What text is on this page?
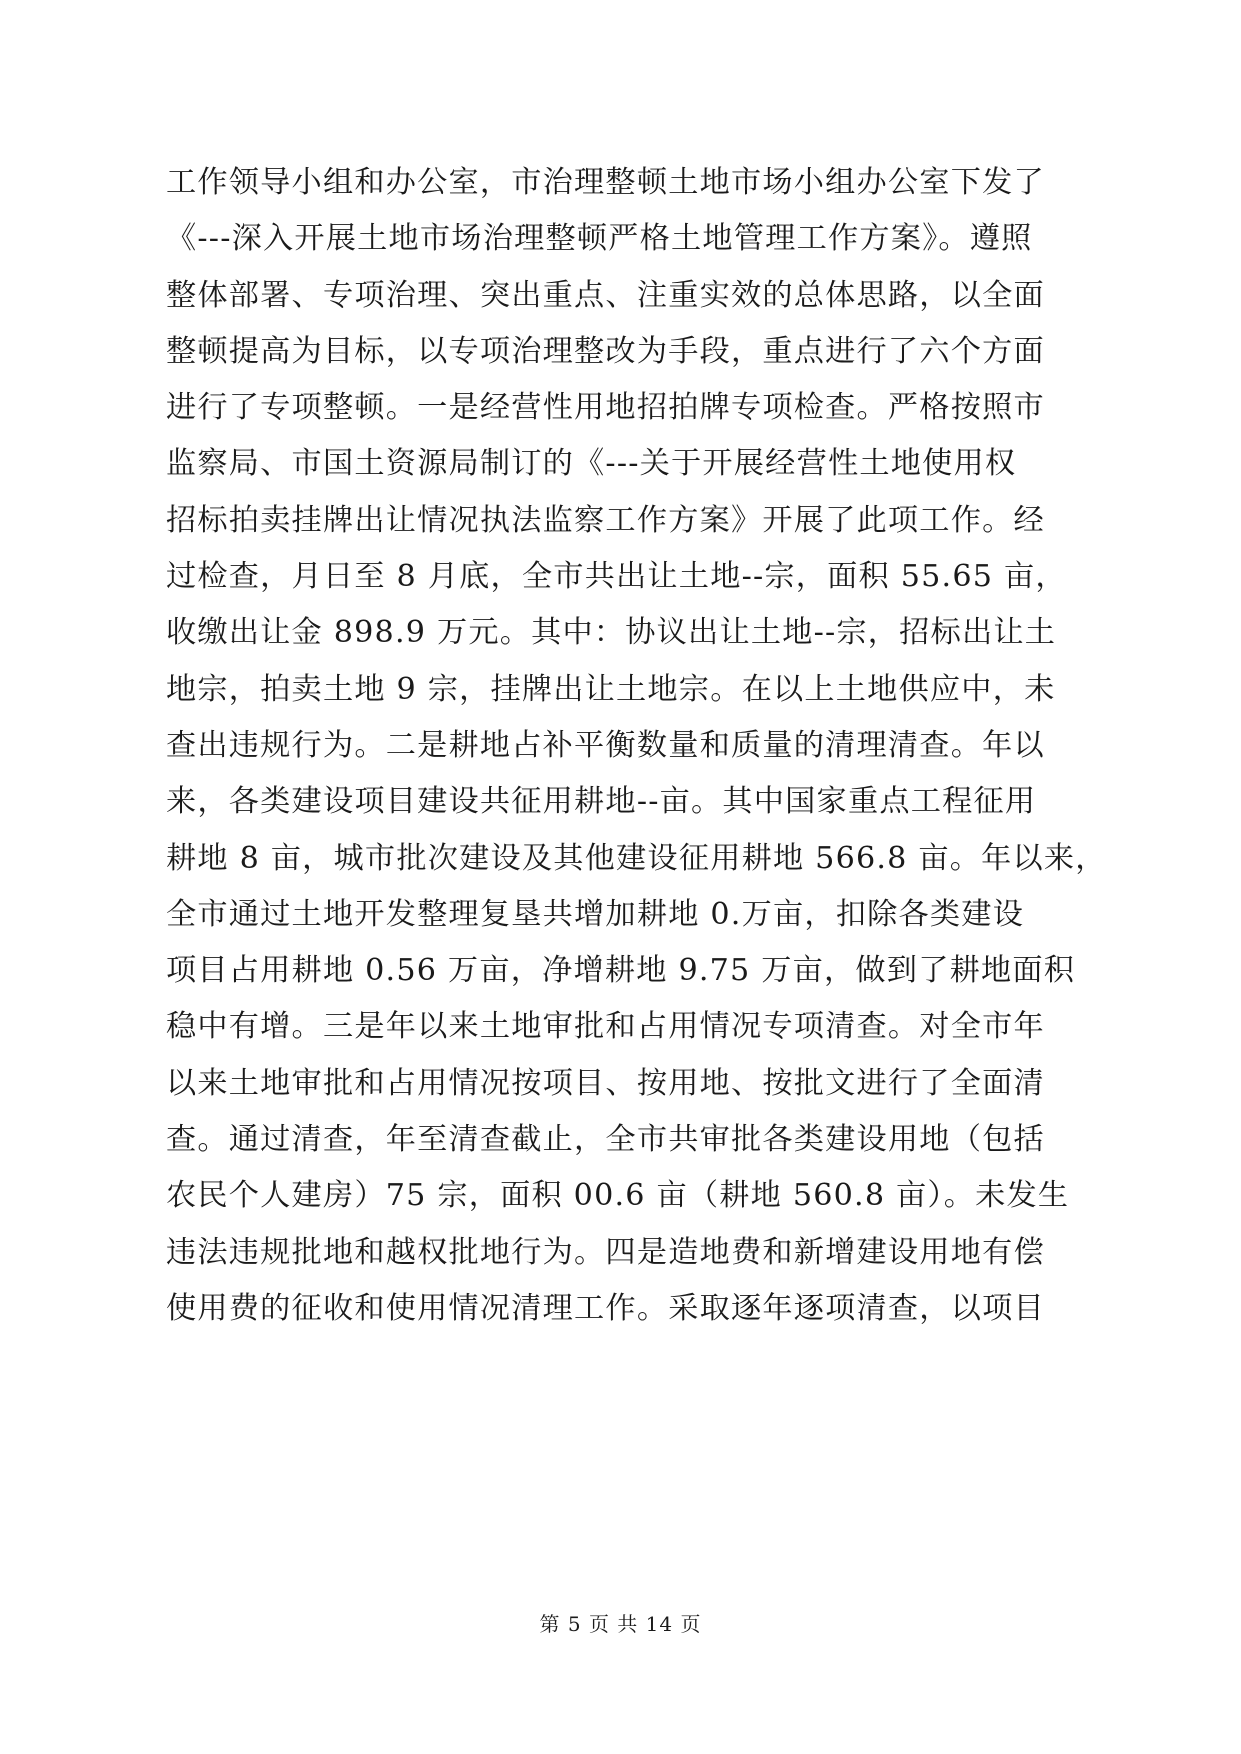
工作领导小组和办公室，市治理整顿土地市场小组办公室下发了
《---深入开展土地市场治理整顿严格土地管理工作方案》。遵照
整体部署、专项治理、突出重点、注重实效的总体思路，以全面
整顿提高为目标，以专项治理整改为手段，重点进行了六个方面
进行了专项整顿。一是经营性用地招拍牌专项检查。严格按照市
监察局、市国土资源局制订的《---关于开展经营性土地使用权
招标拍卖挂牌出让情况执法监察工作方案》开展了此项工作。经
过检查，月日至 8 月底，全市共出让土地--宗，面积 55.65 亩，
收缴出让金 898.9 万元。其中：协议出让土地--宗，招标出让土
地宗，拍卖土地 9 宗，挂牌出让土地宗。在以上土地供应中，未
查出违规行为。二是耕地占补平衡数量和质量的清理清查。年以
来，各类建设项目建设共征用耕地--亩。其中国家重点工程征用
耕地 8 亩，城市批次建设及其他建设征用耕地 566.8 亩。年以来，
全市通过土地开发整理复垦共增加耕地 0.万亩，扣除各类建设
项目占用耕地 0.56 万亩，净增耕地 9.75 万亩，做到了耕地面积
稳中有增。三是年以来土地审批和占用情况专项清查。对全市年
以来土地审批和占用情况按项目、按用地、按批文进行了全面清
查。通过清查，年至清查截止，全市共审批各类建设用地（包括
农民个人建房）75 宗，面积 00.6 亩（耕地 560.8 亩）。未发生
违法违规批地和越权批地行为。四是造地费和新增建设用地有偿
使用费的征收和使用情况清理工作。采取逐年逐项清查，以项目
第 5 页 共 14 页
